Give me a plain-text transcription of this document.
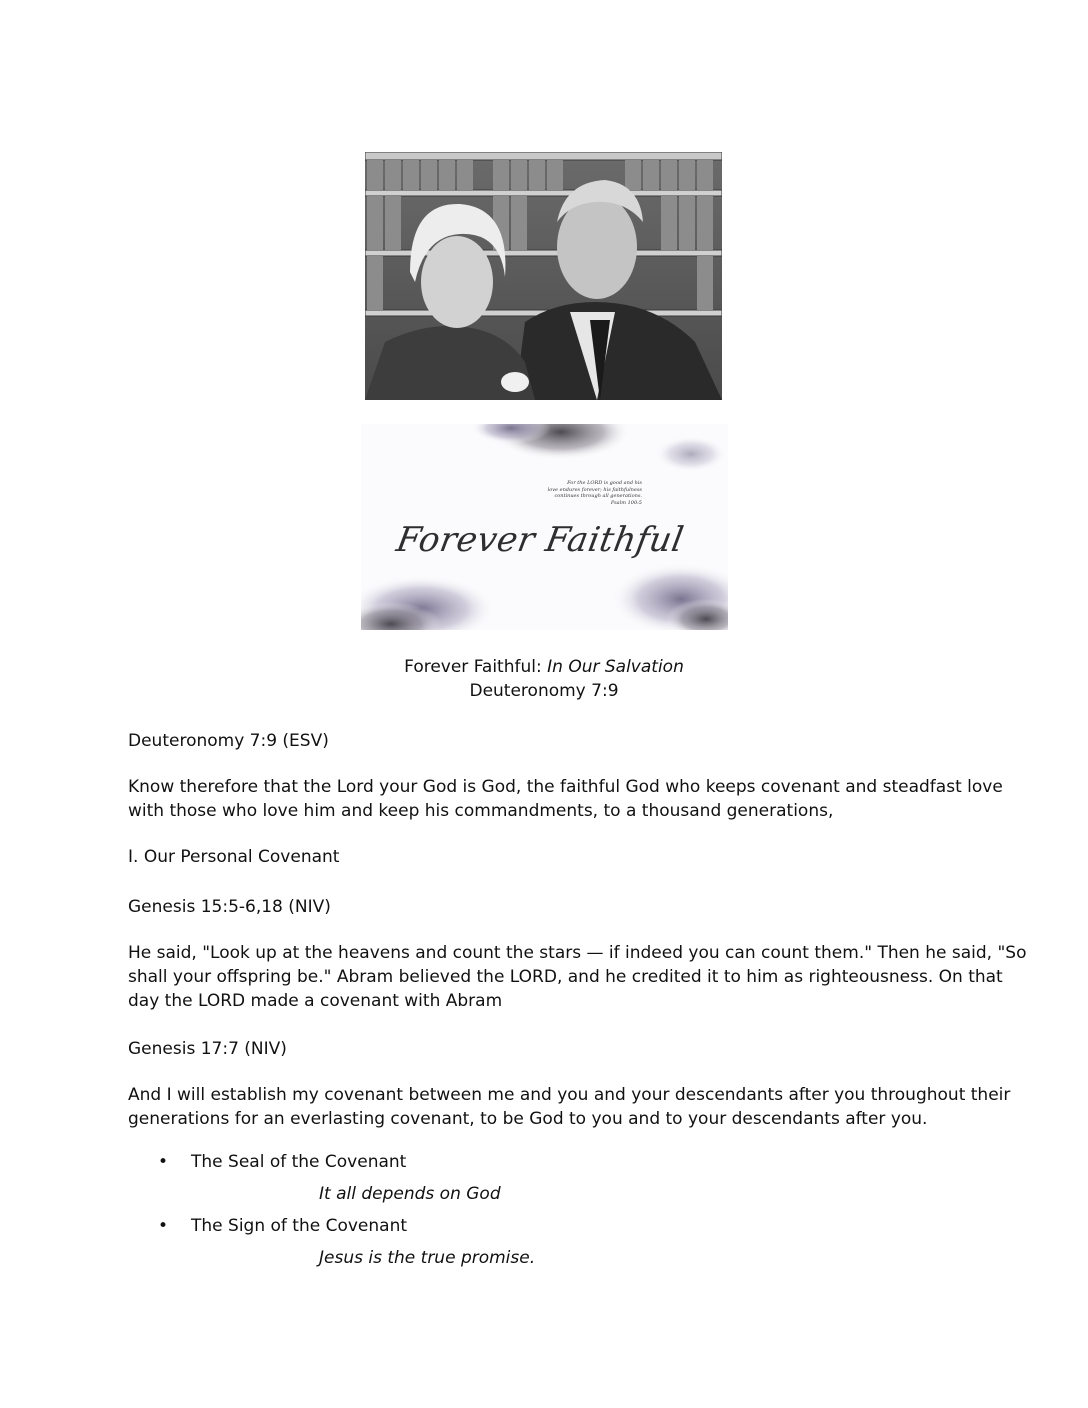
For the LORD is good and his
love endures forever; his faithfulness
continues through all generations.
Psalm 100:5
Forever Faithful
Forever Faithful: In Our Salvation
Deuteronomy 7:9
Deuteronomy 7:9 (ESV)
Know therefore that the Lord your God is God, the faithful God who keeps covenant and steadfast love
with those who love him and keep his commandments, to a thousand generations,
I. Our Personal Covenant
Genesis 15:5-6,18 (NIV)
He said, "Look up at the heavens and count the stars — if indeed you can count them." Then he said, "So
shall your offspring be." Abram believed the LORD, and he credited it to him as righteousness. On that
day the LORD made a covenant with Abram
Genesis 17:7 (NIV)
And I will establish my covenant between me and you and your descendants after you throughout their
generations for an everlasting covenant, to be God to you and to your descendants after you.
• The Seal of the Covenant
It all depends on God
• The Sign of the Covenant
Jesus is the true promise.
